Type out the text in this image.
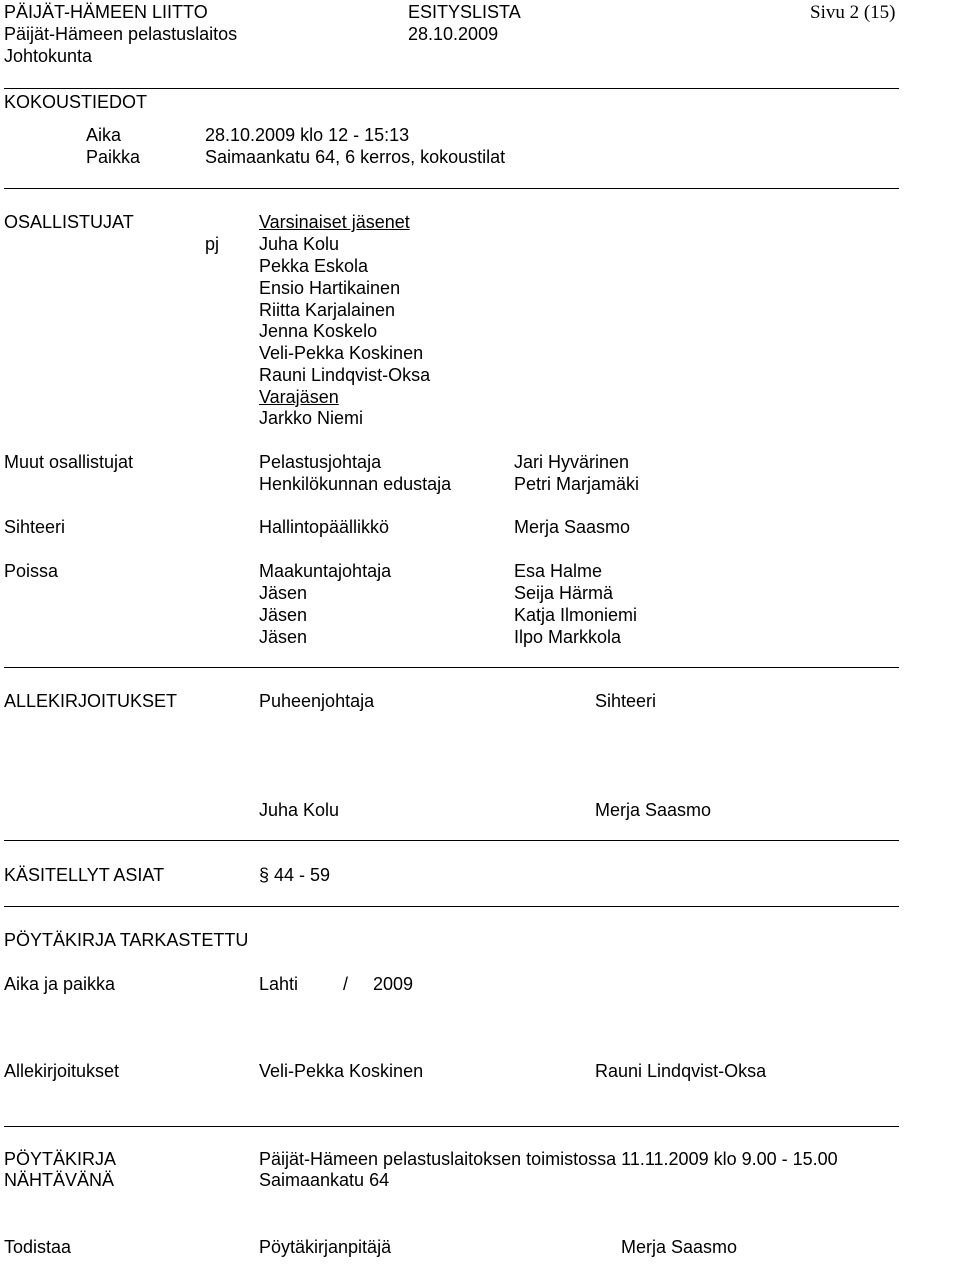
PÄIJÄT-HÄMEEN LIITTO	ESITYSLISTA	Sivu 2 (15)
Päijät-Hämeen pelastuslaitos	28.10.2009
Johtokunta
KOKOUSTIEDOT
Aika	28.10.2009 klo 12 - 15:13
Paikka	Saimaankatu 64, 6 kerros, kokoustilat
OSALLISTUJAT	Varsinaiset jäsenet
pj Juha Kolu
Pekka Eskola
Ensio Hartikainen
Riitta Karjalainen
Jenna Koskelo
Veli-Pekka Koskinen
Rauni Lindqvist-Oksa
Varajäsen
Jarkko Niemi
Muut osallistujat	Pelastusjohtaja	Jari Hyvärinen
Henkilökunnan edustaja	Petri Marjamäki
Sihteeri	Hallintopäällikkö	Merja Saasmo
Poissa	Maakuntajohtaja	Esa Halme
Jäsen	Seija Härmä
Jäsen	Katja Ilmoniemi
Jäsen	Ilpo Markkola
ALLEKIRJOITUKSET	Puheenjohtaja	Sihteeri
Juha Kolu	Merja Saasmo
KÄSITELLYT ASIAT	§ 44 - 59
PÖYTÄKIRJA TARKASTETTU
Aika ja paikka	Lahti / 2009
Allekirjoitukset	Veli-Pekka Koskinen	Rauni Lindqvist-Oksa
PÖYTÄKIRJA
NÄHTÄVÄNÄ
Päijät-Hämeen pelastuslaitoksen toimistossa 11.11.2009 klo 9.00 - 15.00
Saimaankatu 64
Todistaa	Pöytäkirjanpitäjä	Merja Saasmo
